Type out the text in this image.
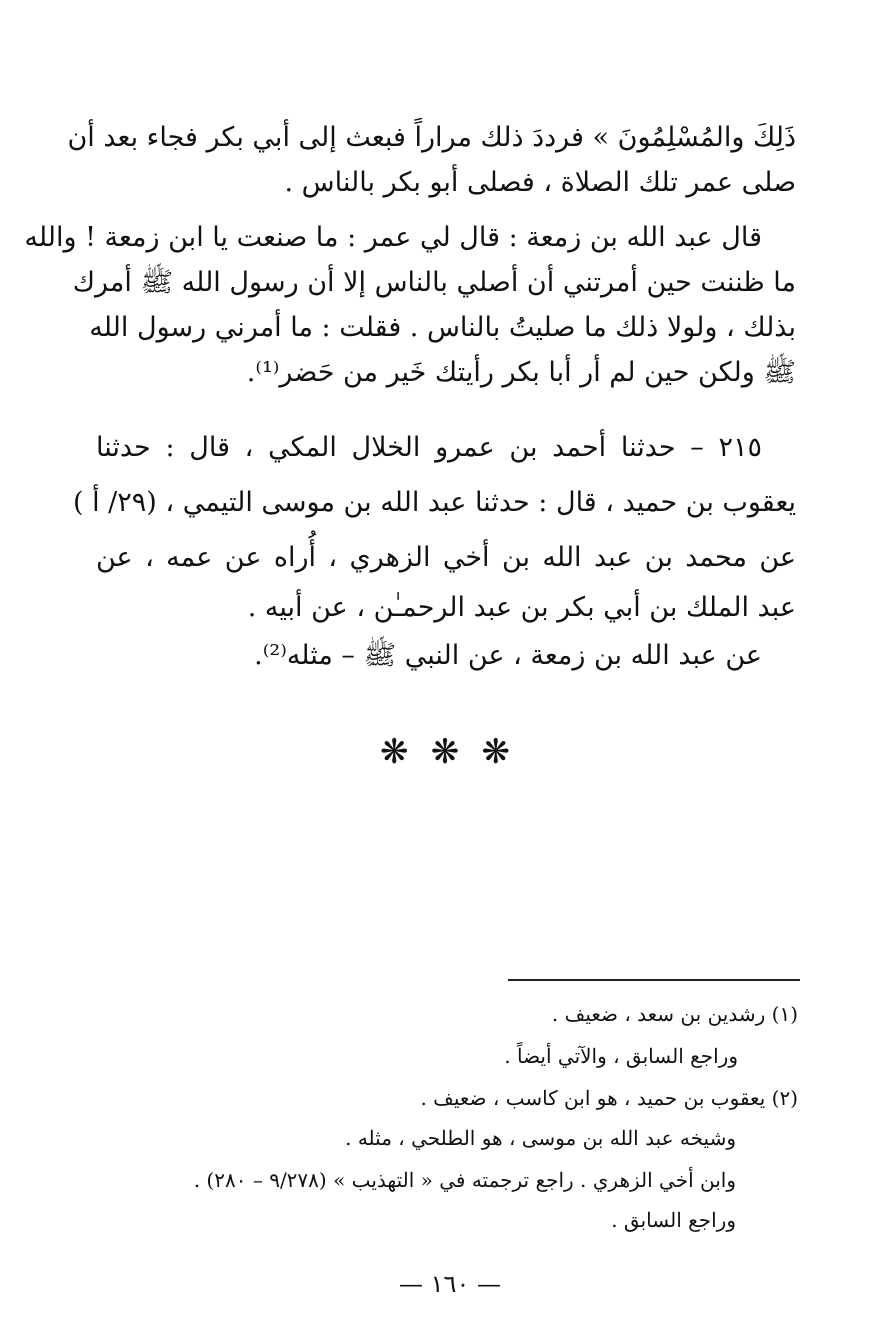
ذَلِكَ والمُسْلِمُونَ » فرددَ ذلك مراراً فبعث إلى أبي بكر فجاء بعد أن
صلى عمر تلك الصلاة ، فصلى أبو بكر بالناس .
قال عبد الله بن زمعة : قال لي عمر : ما صنعت يا ابن زمعة ! والله
ما ظننت حين أمرتني أن أصلي بالناس إلا أن رسول الله ﷺ أمرك
بذلك ، ولولا ذلك ما صليتُ بالناس . فقلت : ما أمرني رسول الله
ﷺ ولكن حين لم أر أبا بكر رأيتك خَير من حَضر⁽¹⁾.
٢١٥ – حدثنا أحمد بن عمرو الخلال المكي ، قال : حدثنا
يعقوب بن حميد ، قال : حدثنا عبد الله بن موسى التيمي ، (٢٩/ أ )
عن محمد بن عبد الله بن أخي الزهري ، أُراه عن عمه ، عن
عبد الملك بن أبي بكر بن عبد الرحمـٰن ، عن أبيه .
عن عبد الله بن زمعة ، عن النبي ﷺ – مثله⁽²⁾.
❋ ❋ ❋
(١) رشدين بن سعد ، ضعيف .
وراجع السابق ، والآتي أيضاً .
(٢) يعقوب بن حميد ، هو ابن كاسب ، ضعيف .
وشيخه عبد الله بن موسى ، هو الطلحي ، مثله .
وابن أخي الزهري . راجع ترجمته في « التهذيب » (٩/٢٧٨ – ٢٨٠) .
وراجع السابق .
— ١٦٠ —
